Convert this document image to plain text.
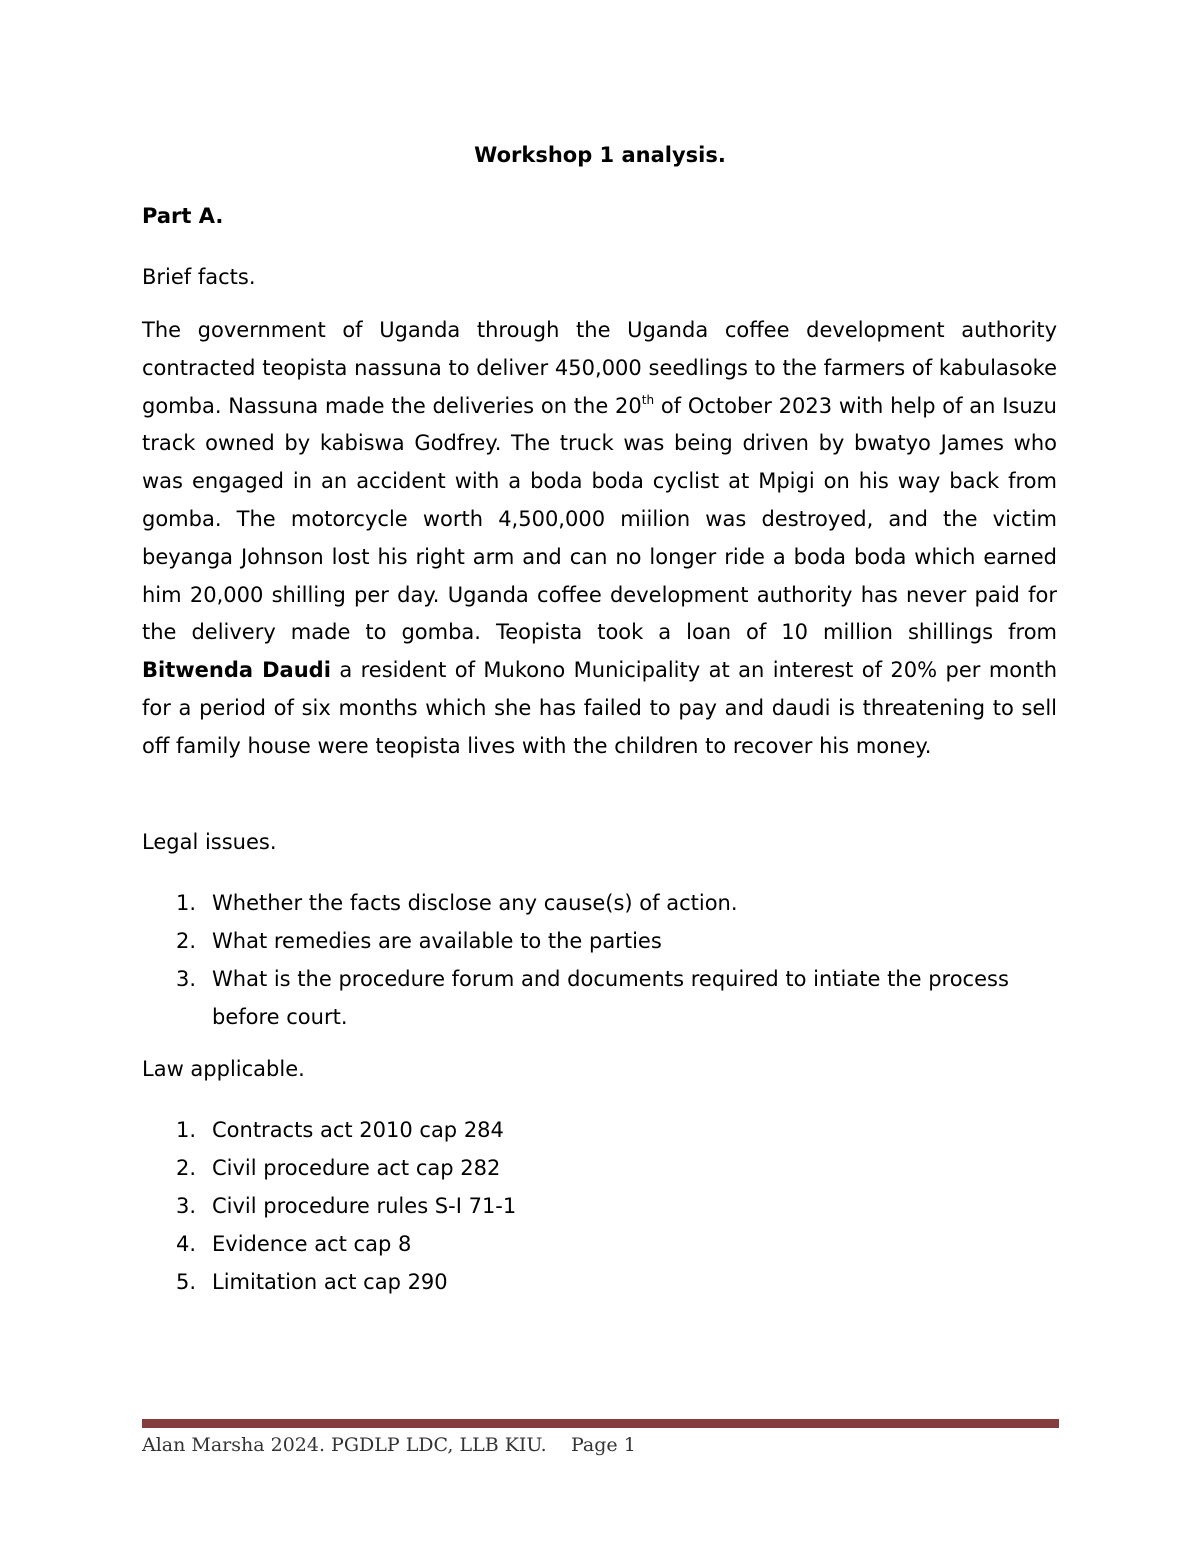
Workshop 1 analysis.
Part A.
Brief facts.

The government of Uganda through the Uganda coffee development authority contracted teopista nassuna to deliver 450,000 seedlings to the farmers of kabulasoke gomba. Nassuna made the deliveries on the 20th of October 2023 with help of an Isuzu track owned by kabiswa Godfrey. The truck was being driven by bwatyo James who was engaged in an accident with a boda boda cyclist at Mpigi on his way back from gomba. The motorcycle worth 4,500,000 miilion was destroyed, and the victim beyanga Johnson lost his right arm and can no longer ride a boda boda which earned him 20,000 shilling per day. Uganda coffee development authority has never paid for the delivery made to gomba. Teopista took a loan of 10 million shillings from Bitwenda Daudi a resident of Mukono Municipality at an interest of 20% per month for a period of six months which she has failed to pay and daudi is threatening to sell off family house were teopista lives with the children to recover his money.

Legal issues.
1. Whether the facts disclose any cause(s) of action.
2. What remedies are available to the parties
3. What is the procedure forum and documents required to intiate the process before court.
Law applicable.
1. Contracts act 2010 cap 284
2. Civil procedure act cap 282
3. Civil procedure rules S-I 71-1
4. Evidence act cap 8
5. Limitation act cap 290
Alan Marsha 2024. PGDLP LDC, LLB KIU. Page 1
